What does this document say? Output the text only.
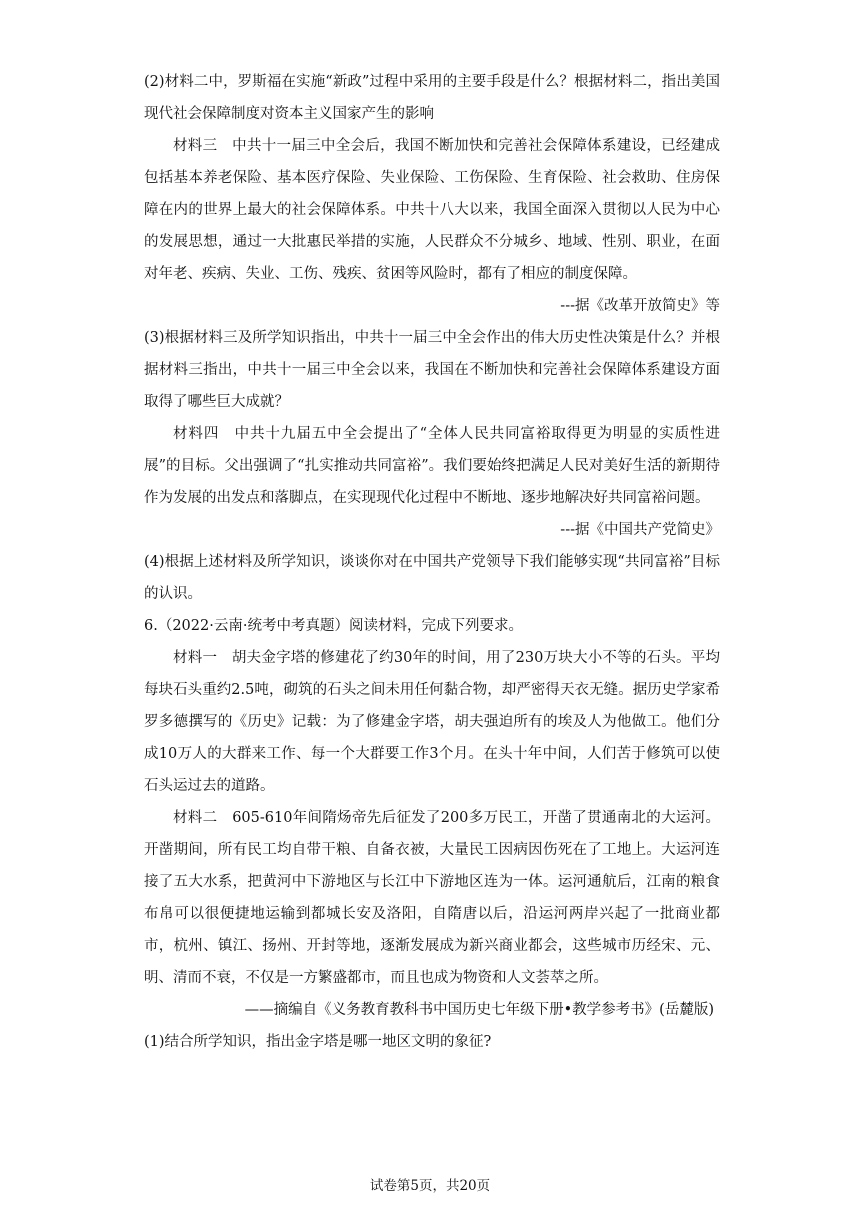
(2)材料二中，罗斯福在实施“新政”过程中采用的主要手段是什么？根据材料二，指出美国现代社会保障制度对资本主义国家产生的影响

材料三　中共十一届三中全会后，我国不断加快和完善社会保障体系建设，已经建成包括基本养老保险、基本医疗保险、失业保险、工伤保险、生育保险、社会救助、住房保障在内的世界上最大的社会保障体系。中共十八大以来，我国全面深入贯彻以人民为中心的发展思想，通过一大批惠民举措的实施，人民群众不分城乡、地域、性别、职业，在面对年老、疾病、失业、工伤、残疾、贫困等风险时，都有了相应的制度保障。

---据《改革开放简史》等

(3)根据材料三及所学知识指出，中共十一届三中全会作出的伟大历史性决策是什么？并根据材料三指出，中共十一届三中全会以来，我国在不断加快和完善社会保障体系建设方面取得了哪些巨大成就？

材料四　中共十九届五中全会提出了“全体人民共同富裕取得更为明显的实质性进展”的目标。父出强调了“扎实推动共同富裕”。我们要始终把满足人民对美好生活的新期待作为发展的出发点和落脚点，在实现现代化过程中不断地、逐步地解决好共同富裕问题。

---据《中国共产党简史》

(4)根据上述材料及所学知识，谈谈你对在中国共产党领导下我们能够实现“共同富裕”目标的认识。

6.（2022·云南·统考中考真题）阅读材料，完成下列要求。

材料一　胡夫金字塔的修建花了约30年的时间，用了230万块大小不等的石头。平均每块石头重约2.5吨，砌筑的石头之间未用任何黏合物，却严密得天衣无缝。据历史学家希罗多德撰写的《历史》记载：为了修建金字塔，胡夫强迫所有的埃及人为他做工。他们分成10万人的大群来工作、每一个大群要工作3个月。在头十年中间，人们苦于修筑可以使石头运过去的道路。

材料二　605-610年间隋炀帝先后征发了200多万民工，开凿了贯通南北的大运河。开凿期间，所有民工均自带干粮、自备衣被，大量民工因病因伤死在了工地上。大运河连接了五大水系，把黄河中下游地区与长江中下游地区连为一体。运河通航后，江南的粮食布帛可以很便捷地运输到都城长安及洛阳，自隋唐以后，沿运河两岸兴起了一批商业都市，杭州、镇江、扬州、开封等地，逐渐发展成为新兴商业都会，这些城市历经宋、元、明、清而不衰，不仅是一方繁盛都市，而且也成为物资和人文荟萃之所。

——摘编自《义务教育教科书中国历史七年级下册•教学参考书》(岳麓版)

(1)结合所学知识，指出金字塔是哪一地区文明的象征?

试卷第5页，共20页
